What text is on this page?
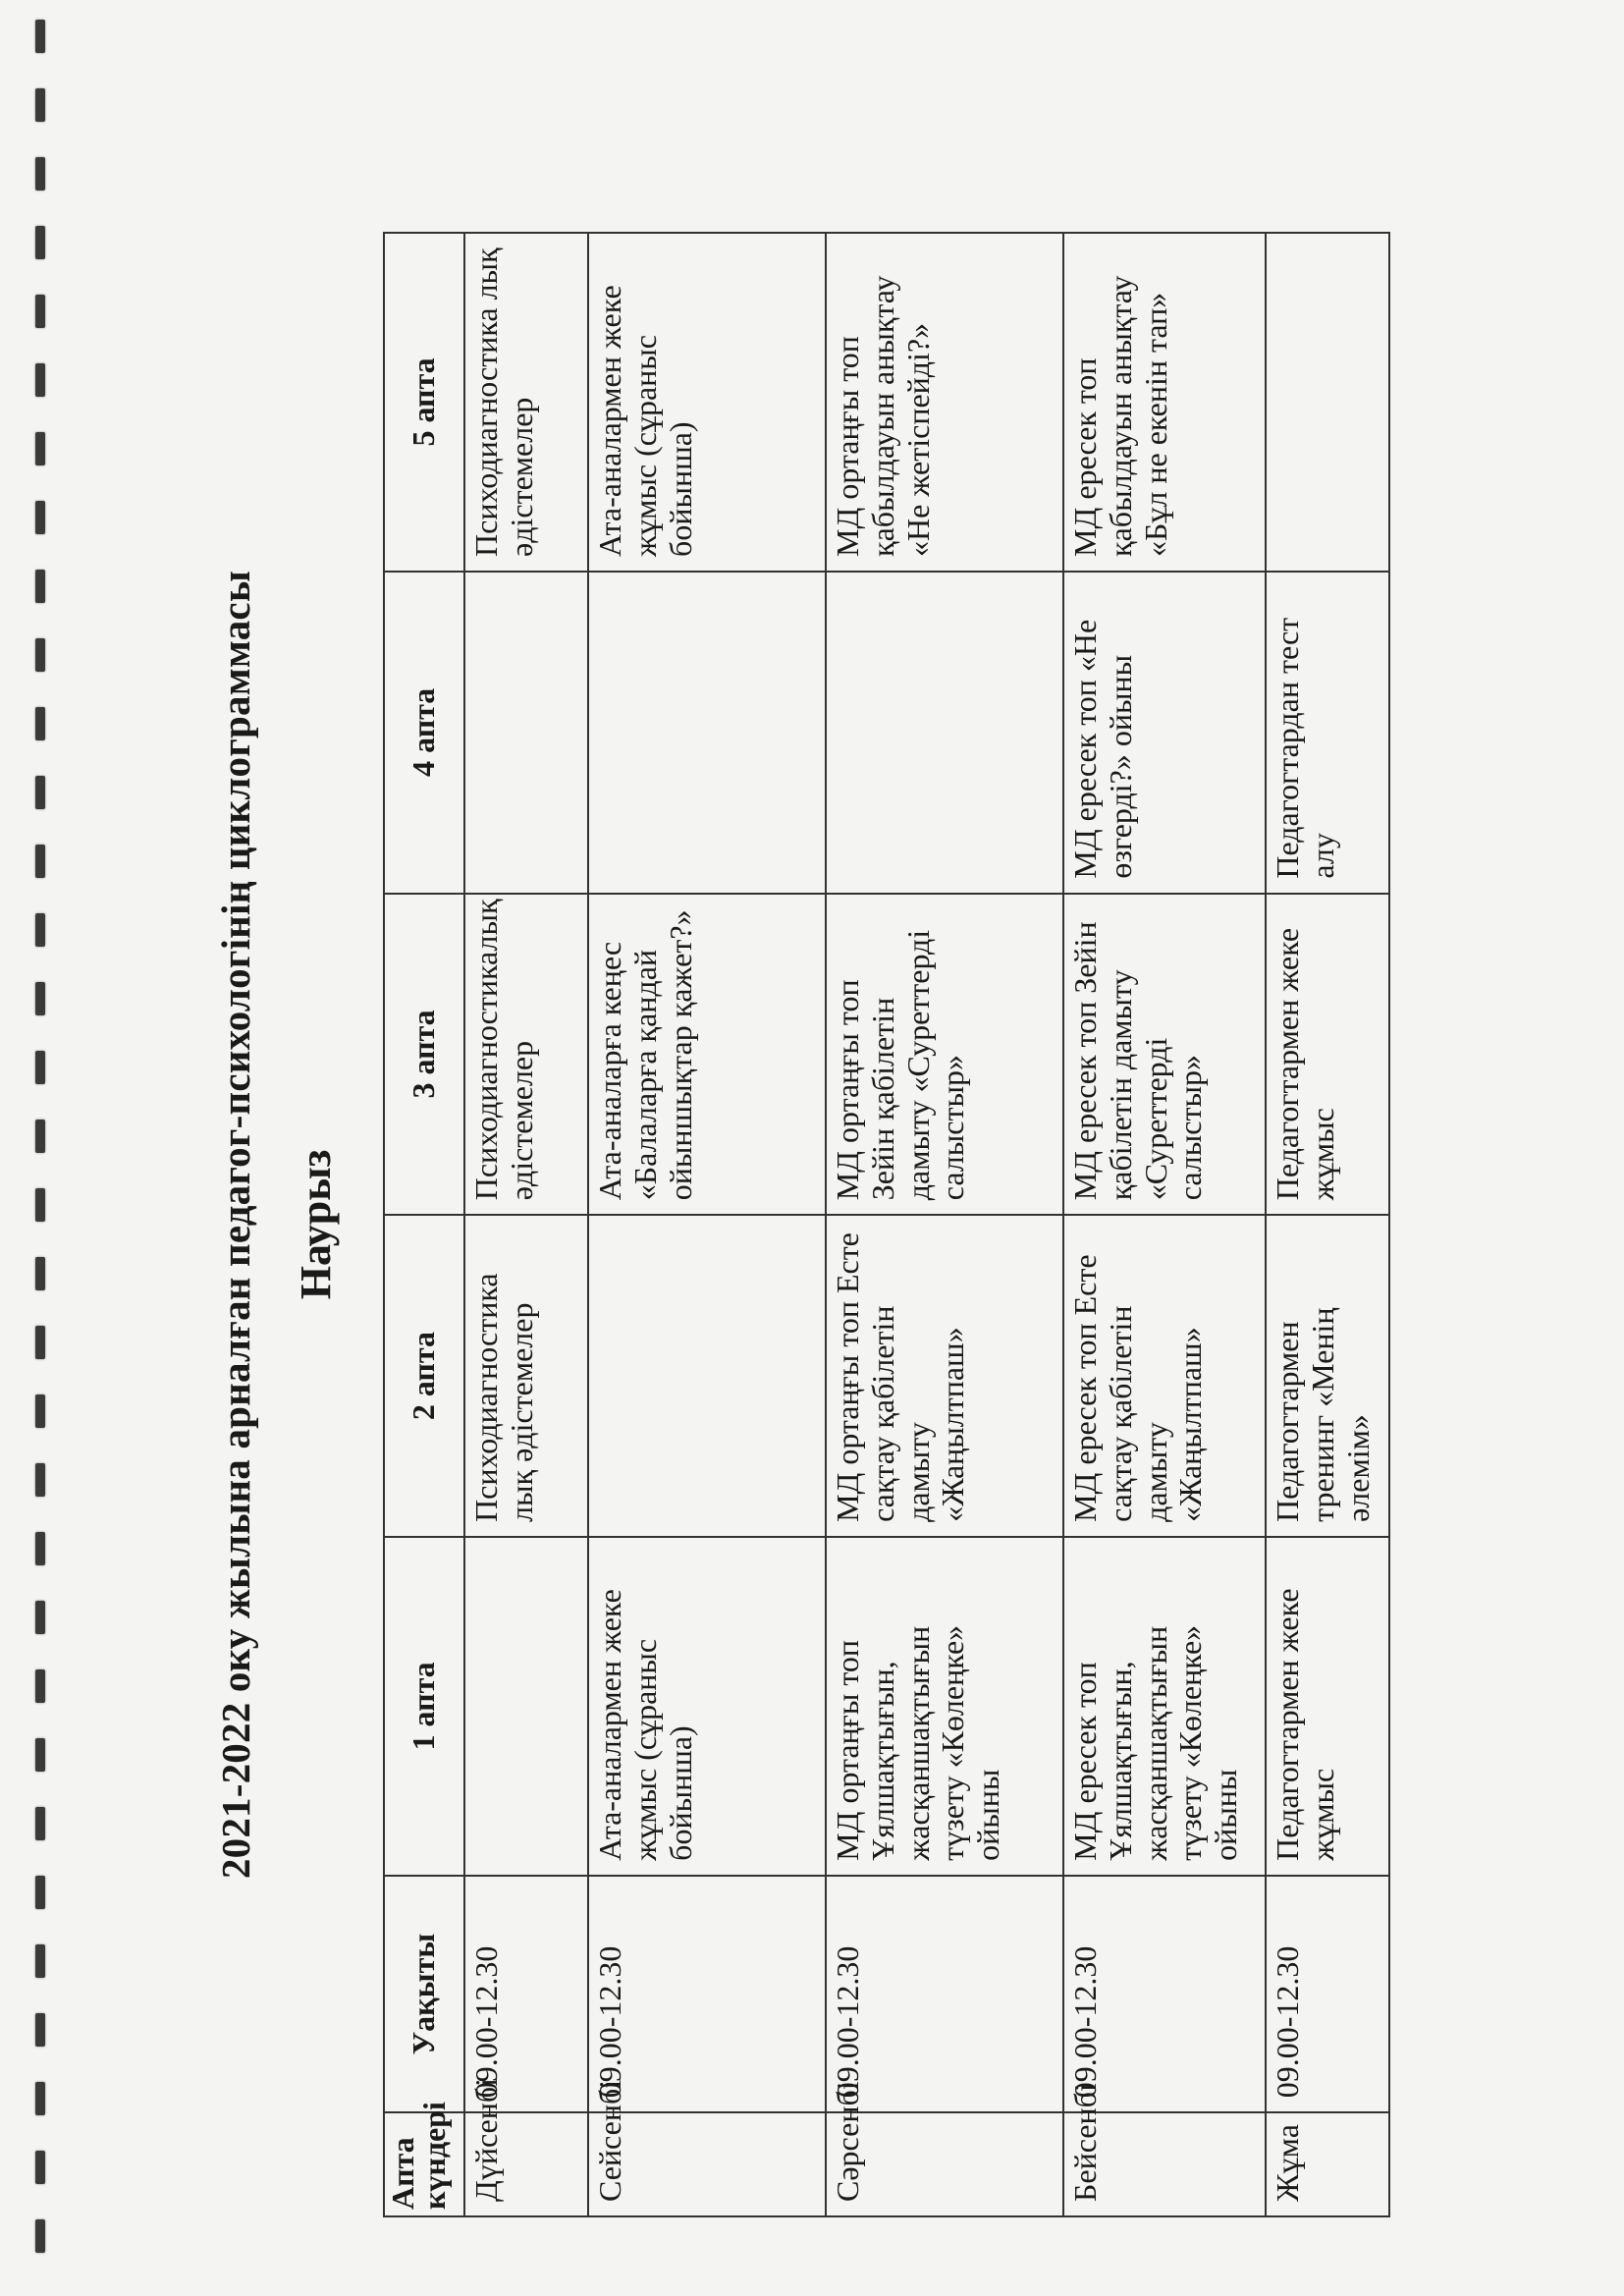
2021-2022 оку жылына арналған педагог-психологінің циклограммасы Наурыз
Апта күндері	Уақыты	1 апта	2 апта	3 апта	4 апта	5 апта
Дүйсенбі	09.00-12.30		Психодиагностика лық әдістемелер	Психодиагностикалық әдістемелер		Психодиагностика лық әдістемелер
Сейсенбі	09.00-12.30	Ата-аналармен жеке жұмыс (сұраныс бойынша)		Ата-аналарға кеңес «Балаларға қандай ойыншықтар қажет?»		Ата-аналармен жеке жұмыс (сұраныс бойынша)
Сәрсенбі	09.00-12.30	МД ортаңғы топ Ұялшақтығын, жасқаншақтығын түзету «Көлеңке» ойыны	МД ортаңғы топ Есте сақтау қабілетін дамыту «Жаңылтпаш»	МД ортаңғы топ Зейін қабілетін дамыту «Суреттерді салыстыр»		МД ортаңғы топ қабылдауын анықтау «Не жетіспейді?»
Бейсенбі	09.00-12.30	МД ересек топ Ұялшақтығын, жасқаншақтығын түзету «Көлеңке» ойыны	МД ересек топ Есте сақтау қабілетін дамыту «Жаңылтпаш»	МД ересек топ Зейін қабілетін дамыту «Суреттерді салыстыр»	МД ересек топ «Не өзгерді?» ойыны	МД ересек топ қабылдауын анықтау «Бұл не екенін тап»
Жұма	09.00-12.30	Педагогтармен жеке жұмыс	Педагогтармен тренинг «Менің әлемім»	Педагогтармен жеке жұмыс	Педагогтардан тест алу	
